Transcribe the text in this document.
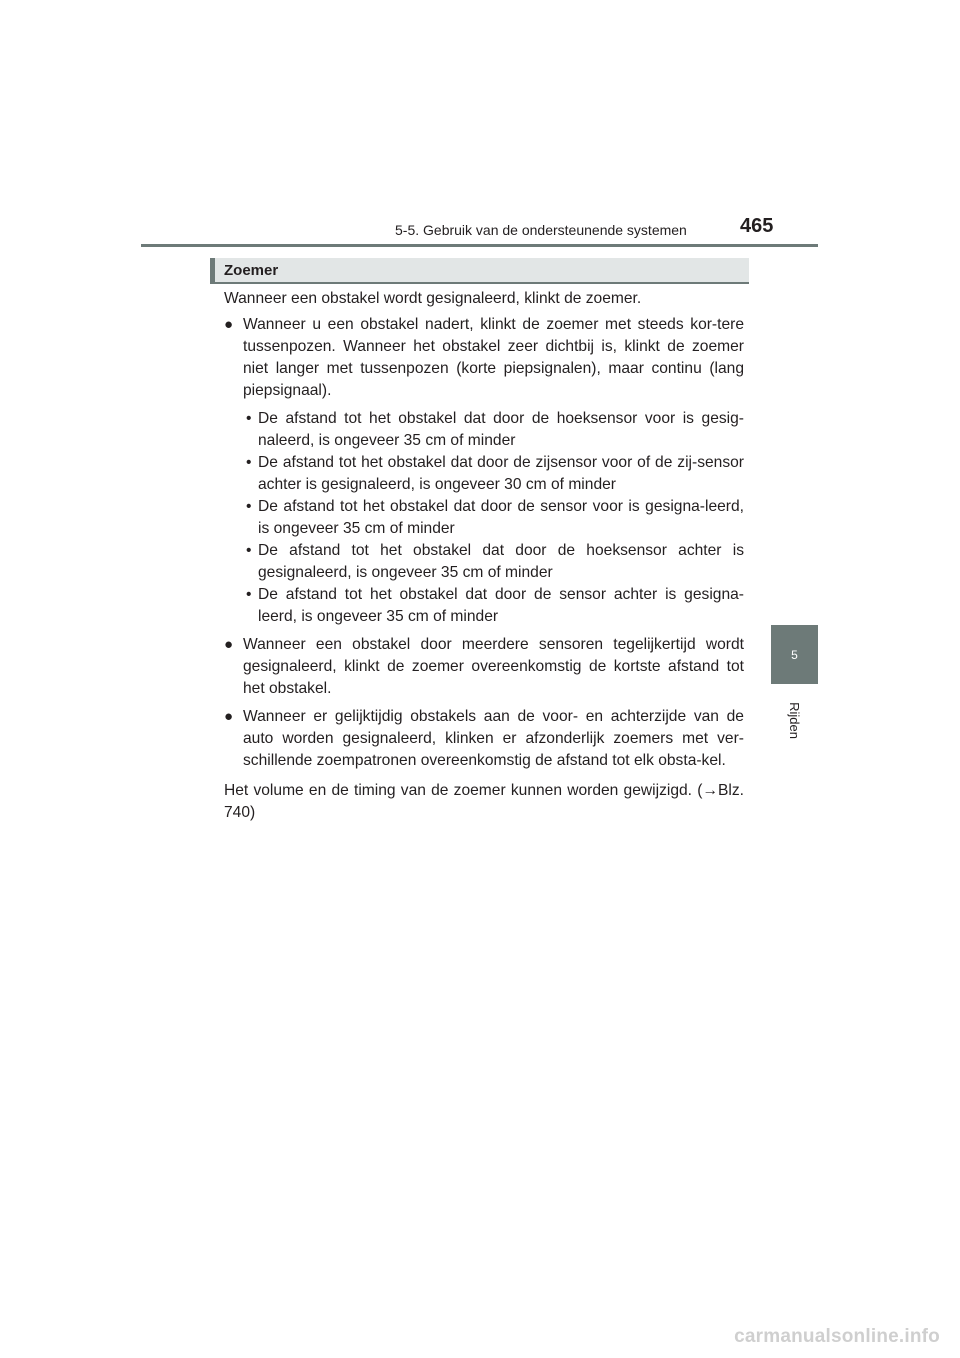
5-5. Gebruik van de ondersteunende systemen	465
5
Rijden
Zoemer

Wanneer een obstakel wordt gesignaleerd, klinkt de zoemer.

● Wanneer u een obstakel nadert, klinkt de zoemer met steeds kor-tere tussenpozen. Wanneer het obstakel zeer dichtbij is, klinkt de zoemer niet langer met tussenpozen (korte piepsignalen), maar continu (lang piepsignaal).

• De afstand tot het obstakel dat door de hoeksensor voor is gesig-naleerd, is ongeveer 35 cm of minder

• De afstand tot het obstakel dat door de zijsensor voor of de zij-sensor achter is gesignaleerd, is ongeveer 30 cm of minder

• De afstand tot het obstakel dat door de sensor voor is gesigna-leerd, is ongeveer 35 cm of minder

• De afstand tot het obstakel dat door de hoeksensor achter is gesignaleerd, is ongeveer 35 cm of minder

• De afstand tot het obstakel dat door de sensor achter is gesigna-leerd, is ongeveer 35 cm of minder

● Wanneer een obstakel door meerdere sensoren tegelijkertijd wordt gesignaleerd, klinkt de zoemer overeenkomstig de kortste afstand tot het obstakel.

● Wanneer er gelijktijdig obstakels aan de voor- en achterzijde van de auto worden gesignaleerd, klinken er afzonderlijk zoemers met ver-schillende zoempatronen overeenkomstig de afstand tot elk obsta-kel.

Het volume en de timing van de zoemer kunnen worden gewijzigd. (→Blz. 740)

carmanualsonline.info
